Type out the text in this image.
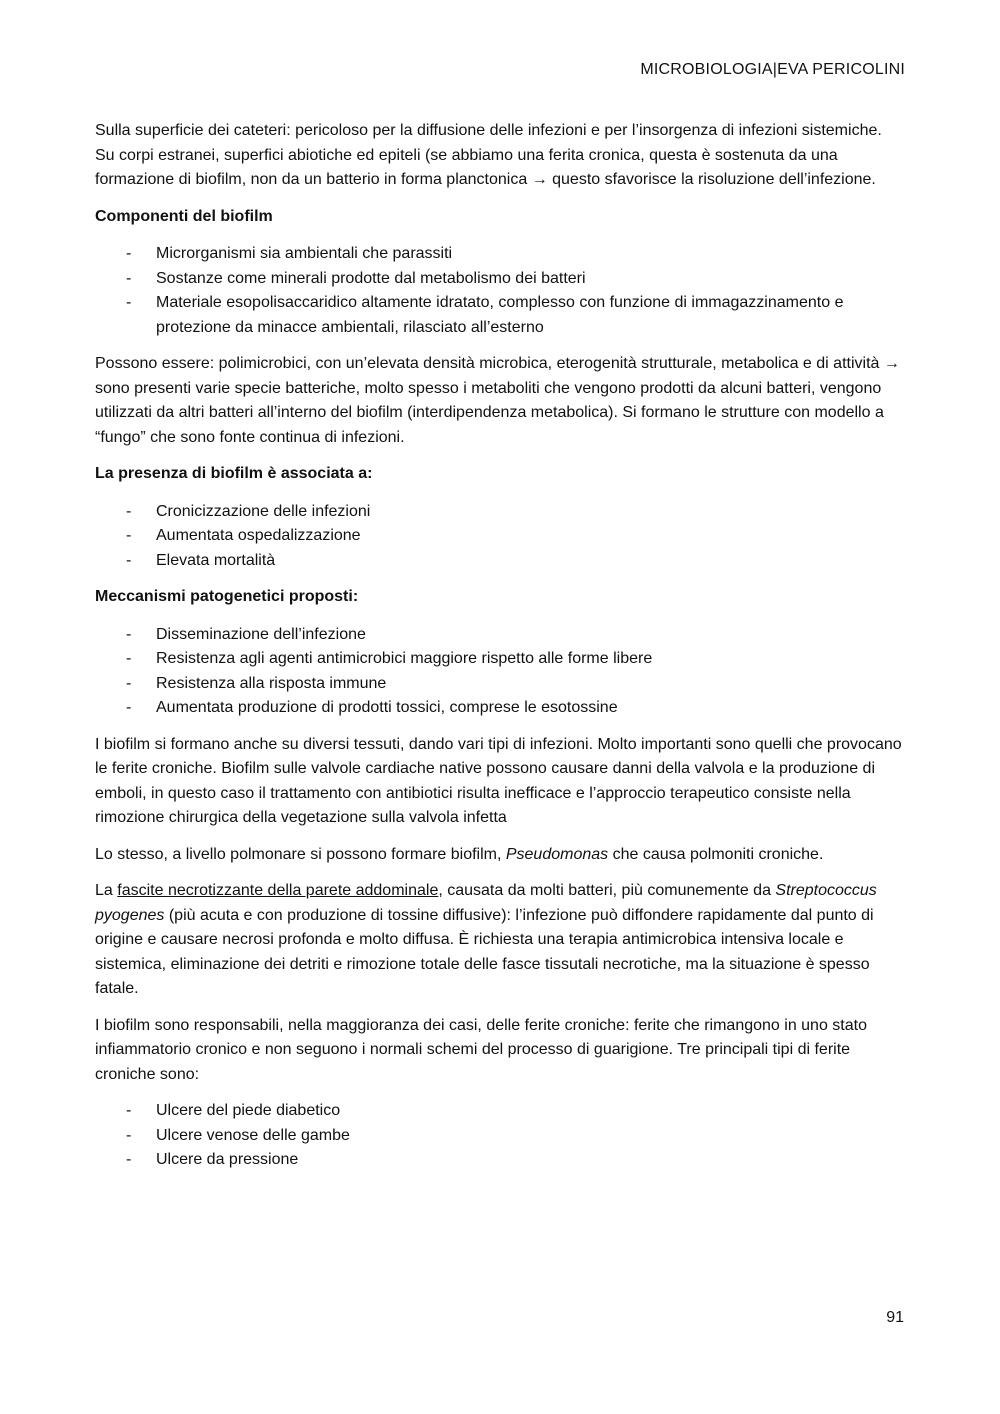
MICROBIOLOGIA|EVA PERICOLINI

Sulla superficie dei cateteri: pericoloso per la diffusione delle infezioni e per l’insorgenza di infezioni sistemiche. Su corpi estranei, superfici abiotiche ed epiteli (se abbiamo una ferita cronica, questa è sostenuta da una formazione di biofilm, non da un batterio in forma planctonica → questo sfavorisce la risoluzione dell’infezione.

Componenti del biofilm

- Microrganismi sia ambientali che parassiti
- Sostanze come minerali prodotte dal metabolismo dei batteri
- Materiale esopolisaccaridico altamente idratato, complesso con funzione di immagazzinamento e protezione da minacce ambientali, rilasciato all’esterno

Possono essere: polimicrobici, con un’elevata densità microbica, eterogenità strutturale, metabolica e di attività → sono presenti varie specie batteriche, molto spesso i metaboliti che vengono prodotti da alcuni batteri, vengono utilizzati da altri batteri all’interno del biofilm (interdipendenza metabolica). Si formano le strutture con modello a “fungo” che sono fonte continua di infezioni.

La presenza di biofilm è associata a:

- Cronicizzazione delle infezioni
- Aumentata ospedalizzazione
- Elevata mortalità

Meccanismi patogenetici proposti:

- Disseminazione dell’infezione
- Resistenza agli agenti antimicrobici maggiore rispetto alle forme libere
- Resistenza alla risposta immune
- Aumentata produzione di prodotti tossici, comprese le esotossine

I biofilm si formano anche su diversi tessuti, dando vari tipi di infezioni. Molto importanti sono quelli che provocano le ferite croniche. Biofilm sulle valvole cardiache native possono causare danni della valvola e la produzione di emboli, in questo caso il trattamento con antibiotici risulta inefficace e l’approccio terapeutico consiste nella rimozione chirurgica della vegetazione sulla valvola infetta

Lo stesso, a livello polmonare si possono formare biofilm, Pseudomonas che causa polmoniti croniche.

La fascite necrotizzante della parete addominale, causata da molti batteri, più comunemente da Streptococcus pyogenes (più acuta e con produzione di tossine diffusive): l’infezione può diffondere rapidamente dal punto di origine e causare necrosi profonda e molto diffusa. È richiesta una terapia antimicrobica intensiva locale e sistemica, eliminazione dei detriti e rimozione totale delle fasce tissutali necrotiche, ma la situazione è spesso fatale.

I biofilm sono responsabili, nella maggioranza dei casi, delle ferite croniche: ferite che rimangono in uno stato infiammatorio cronico e non seguono i normali schemi del processo di guarigione. Tre principali tipi di ferite croniche sono:

- Ulcere del piede diabetico
- Ulcere venose delle gambe
- Ulcere da pressione
91
